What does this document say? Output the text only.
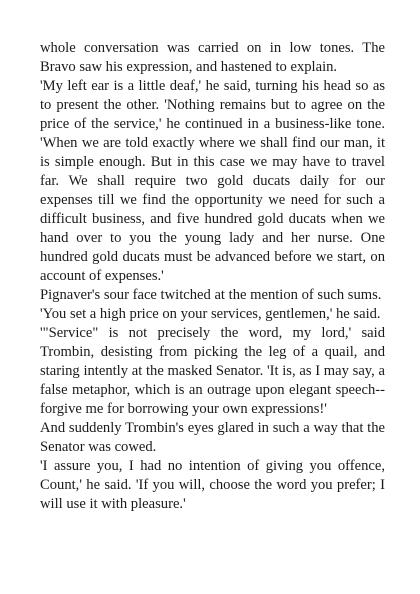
whole conversation was carried on in low tones. The Bravo saw his expression, and hastened to explain.

'My left ear is a little deaf,' he said, turning his head so as to present the other. 'Nothing remains but to agree on the price of the service,' he continued in a business-like tone. 'When we are told exactly where we shall find our man, it is simple enough. But in this case we may have to travel far. We shall require two gold ducats daily for our expenses till we find the opportunity we need for such a difficult business, and five hundred gold ducats when we hand over to you the young lady and her nurse. One hundred gold ducats must be advanced before we start, on account of expenses.'

Pignaver's sour face twitched at the mention of such sums.

'You set a high price on your services, gentlemen,' he said.

'"Service" is not precisely the word, my lord,' said Trombin, desisting from picking the leg of a quail, and staring intently at the masked Senator. 'It is, as I may say, a false metaphor, which is an outrage upon elegant speech--forgive me for borrowing your own expressions!'

And suddenly Trombin's eyes glared in such a way that the Senator was cowed.

'I assure you, I had no intention of giving you offence, Count,' he said. 'If you will, choose the word you prefer; I will use it with pleasure.'
